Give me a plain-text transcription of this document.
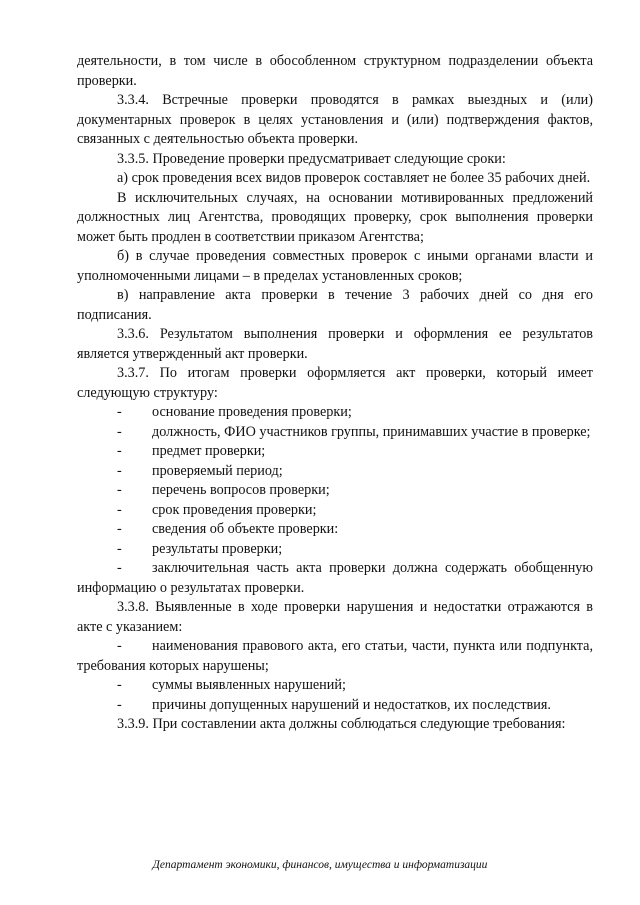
деятельности, в том числе в обособленном структурном подразделении объекта проверки.

3.3.4. Встречные проверки проводятся в рамках выездных и (или) документарных проверок в целях установления и (или) подтверждения фактов, связанных с деятельностью объекта проверки.

3.3.5. Проведение проверки предусматривает следующие сроки:

а) срок проведения всех видов проверок составляет не более 35 рабочих дней.

В исключительных случаях, на основании мотивированных предложений должностных лиц Агентства, проводящих проверку, срок выполнения проверки может быть продлен в соответствии приказом Агентства;

б) в случае проведения совместных проверок с иными органами власти и уполномоченными лицами – в пределах установленных сроков;

в) направление акта проверки в течение 3 рабочих дней со дня его подписания.

3.3.6. Результатом выполнения проверки и оформления ее результатов является утвержденный акт проверки.

3.3.7. По итогам проверки оформляется акт проверки, который имеет следующую структуру:

- основание проведения проверки;
- должность, ФИО участников группы, принимавших участие в проверке;
- предмет проверки;
- проверяемый период;
- перечень вопросов проверки;
- срок проведения проверки;
- сведения об объекте проверки:
- результаты проверки;
- заключительная часть акта проверки должна содержать обобщенную информацию о результатах проверки.

3.3.8. Выявленные в ходе проверки нарушения и недостатки отражаются в акте с указанием:

- наименования правового акта, его статьи, части, пункта или подпункта, требования которых нарушены;
- суммы выявленных нарушений;
- причины допущенных нарушений и недостатков, их последствия.

3.3.9. При составлении акта должны соблюдаться следующие требования:

Департамент экономики, финансов, имущества и информатизации
